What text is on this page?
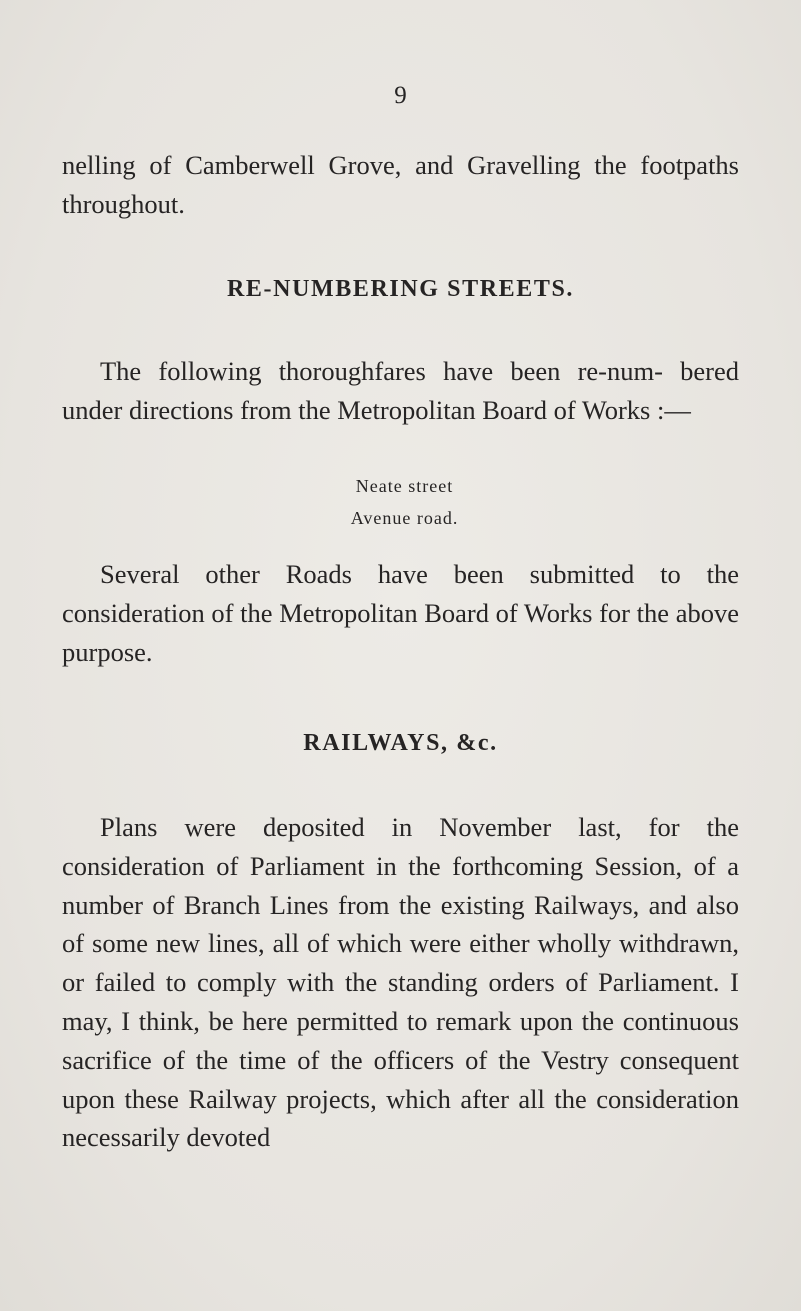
9

nelling of Camberwell Grove, and Gravelling the footpaths throughout.

RE-NUMBERING STREETS.

The following thoroughfares have been re-num- bered under directions from the Metropolitan Board of Works :—

Neate street
Avenue road.

Several other Roads have been submitted to the consideration of the Metropolitan Board of Works for the above purpose.

RAILWAYS, &c.

Plans were deposited in November last, for the consideration of Parliament in the forthcoming Session, of a number of Branch Lines from the existing Railways, and also of some new lines, all of which were either wholly withdrawn, or failed to comply with the standing orders of Parliament. I may, I think, be here permitted to remark upon the continuous sacrifice of the time of the officers of the Vestry consequent upon these Railway projects, which after all the consideration necessarily devoted
